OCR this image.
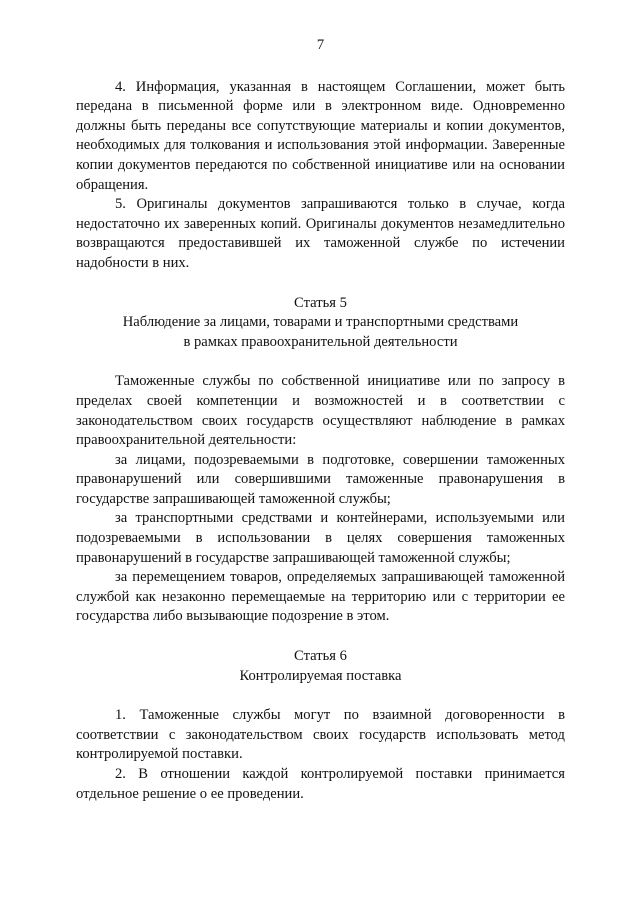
7

4. Информация, указанная в настоящем Соглашении, может быть передана в письменной форме или в электронном виде. Одновременно должны быть переданы все сопутствующие материалы и копии документов, необходимых для толкования и использования этой информации. Заверенные копии документов передаются по собственной инициативе или на основании обращения.

5. Оригиналы документов запрашиваются только в случае, когда недостаточно их заверенных копий. Оригиналы документов незамедлительно возвращаются предоставившей их таможенной службе по истечении надобности в них.

Статья 5

Наблюдение за лицами, товарами и транспортными средствами

в рамках правоохранительной деятельности

Таможенные службы по собственной инициативе или по запросу в пределах своей компетенции и возможностей и в соответствии с законодательством своих государств осуществляют наблюдение в рамках правоохранительной деятельности:

за лицами, подозреваемыми в подготовке, совершении таможенных правонарушений или совершившими таможенные правонарушения в государстве запрашивающей таможенной службы;

за транспортными средствами и контейнерами, используемыми или подозреваемыми в использовании в целях совершения таможенных правонарушений в государстве запрашивающей таможенной службы;

за перемещением товаров, определяемых запрашивающей таможенной службой как незаконно перемещаемые на территорию или с территории ее государства либо вызывающие подозрение в этом.

Статья 6

Контролируемая поставка

1. Таможенные службы могут по взаимной договоренности в соответствии с законодательством своих государств использовать метод контролируемой поставки.

2. В отношении каждой контролируемой поставки принимается отдельное решение о ее проведении.
